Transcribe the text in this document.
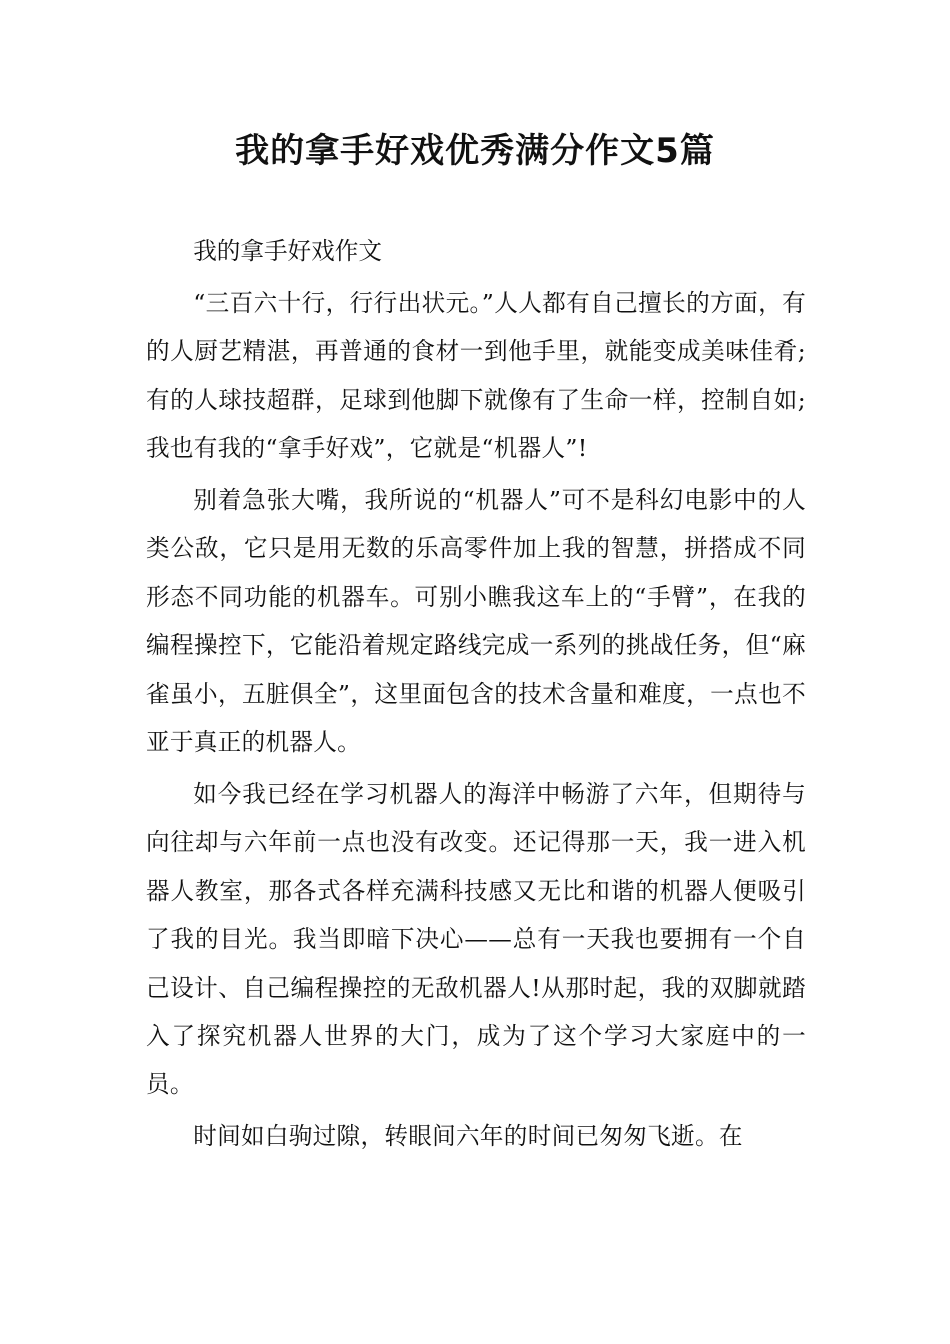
我的拿手好戏优秀满分作文5篇

我的拿手好戏作文

“三百六十行，行行出状元。”人人都有自己擅长的方面，有的人厨艺精湛，再普通的食材一到他手里，就能变成美味佳肴;有的人球技超群，足球到他脚下就像有了生命一样，控制自如;我也有我的“拿手好戏”，它就是“机器人”!

别着急张大嘴，我所说的“机器人”可不是科幻电影中的人类公敌，它只是用无数的乐高零件加上我的智慧，拼搭成不同形态不同功能的机器车。可别小瞧我这车上的“手臂”，在我的编程操控下，它能沿着规定路线完成一系列的挑战任务，但“麻雀虽小，五脏俱全”，这里面包含的技术含量和难度，一点也不亚于真正的机器人。

如今我已经在学习机器人的海洋中畅游了六年，但期待与向往却与六年前一点也没有改变。还记得那一天，我一进入机器人教室，那各式各样充满科技感又无比和谐的机器人便吸引了我的目光。我当即暗下决心——总有一天我也要拥有一个自己设计、自己编程操控的无敌机器人!从那时起，我的双脚就踏入了探究机器人世界的大门，成为了这个学习大家庭中的一员。

时间如白驹过隙，转眼间六年的时间已匆匆飞逝。在
